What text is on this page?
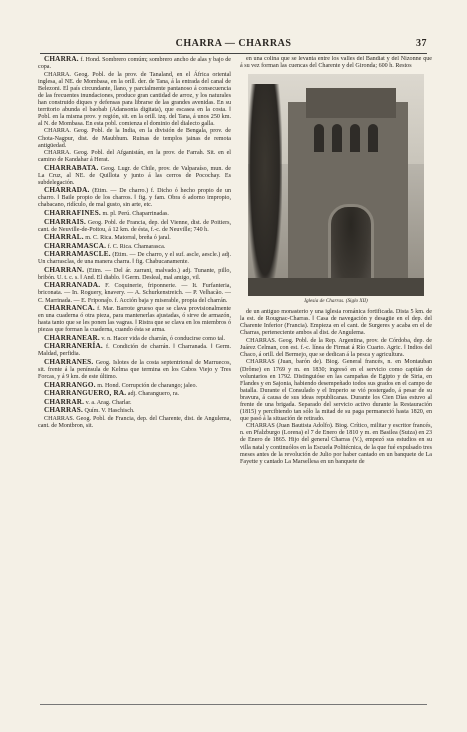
CHARRA — CHARRAS	37

CHARRA. f. Hond. Sombrero comúm; sombrero ancho de alas y bajo de copa.

CHARRA. Geog. Pobl. de la prov. de Tanaland, en el África oriental inglesa, al NE. de Mombasa, en la orill. der. de Tana, á la entrada del canal de Belezoni. El país circundante, llano, y parcialmente pantanoso á consecuencia de las frecuentes inundaciones, produce gran cantidad de arroz, y los naturales han construido diques y defensas para librarse de las grandes avenidas. En su territorio abunda el baobab (Adansonia digitata), que escasea en la costa. ‖ Pobl. en la misma prov. y región, sit. en la orill. izq. del Tana, á unos 250 km. al N. de Mombasa. En esta pobl. comienza el dominio del dialecto galla.

CHARRA. Geog. Pobl. de la India, en la división de Bengala, prov. de Chota-Nagpur, dist. de Maubhum. Ruinas de templos jainas de remota antigüedad.

CHARRA. Geog. Pobl. del Afganistán, en la prov. de Farrah. Sit. en el camino de Kandahar á Herat.

CHARRABATA. Geog. Lugr. de Chile, prov. de Valparaíso, mun. de La Cruz, al NE. de Quillota y junto á las cerros de Pocochay. Es subdelegación.

CHARRADA. (Etim. — De charro.) f. Dicho ó hecho propio de un charro. ‖ Baile propio de los charros. ‖ fig. y fam. Obra ó adorno impropio, chabacano, ridículo, de mal gusto, sin arte, etc.

CHARRAFINES. m. pl. Perú. Chaparrinadas.

CHARRAIS. Geog. Pobl. de Francia, dep. del Vienne, dist. de Poitiers, cant. de Neuville-de-Poitou, á 12 km. de ésta, f.-c. de Neuville; 740 h.

CHARRAL. m. C. Rica. Matorral, breña ó jaral.

CHARRAMASCA. f. C. Rica. Chamarasca.

CHARRAMASCLE. (Etim. — De charro, y el suf. ascle, aescle.) adj. Un charrasclas, de una manera charra. ‖ fig. Chabucanamente.

CHARRAN. (Etim. — Del ár. zarrani, malvado.) adj. Tunante, pillo, bribón. U. t. c. s. ‖ And. El diablo. ‖ Germ. Desleal, mal amigo, vil.

CHARRANADA. F. Coquinerie, friponnerie. — It. Furfanteria, briconata. — In. Roguery, knavery. — A. Schurkenstreich. — P. Velhacão. — C. Marrinada. — E. Friponaĵo. f. Acción baja y miserable, propia del charrán.

CHARRANCA. f. Mar. Barrote grueso que se clava provisionalmente en una cuaderna ó otra pieza, para mantenerlas ajustadas, ó sirve de armazón, hasta tanto que se les ponen las vagras. ‖ Ristra que se clava en los miembros ó piezas que forman la cuaderna, cuando ésta se arma.

CHARRANEAR. v. n. Hacer vida de charrán, ó conducirse como tal.

CHARRANERÍA. f. Condición de charrán. ‖ Charranada. ‖ Germ. Maldad, perfidia.

CHARRANES. Geog. Islotes de la costa septentrional de Marruecos, sit. frente á la península de Kelma que termina en los Cabos Viejo y Tres Forcas, y á 9 km. de este último.

CHARRANGO. m. Hond. Corrupción de charango; jaleo.

CHARRANGUERO, RA. adj. Charanguero, ra.

CHARRAR. v. a. Arag. Charlar.

CHARRAS. Quím. V. Haschisch.

CHARRAS. Geog. Pobl. de Francia, dep. del Charente, dist. de Angulema, cant. de Montbron, sit.

en una colina que se levanta entre los valles del Bandiat y del Nizonne que á su vez forman las cuencas del Charente y del Gironda; 600 h. Restos

Iglesia de Charras. (Siglo XII)

de un antiguo monasterio y una iglesia románica fortificada. Dista 5 km. de la est. de Rougnac-Charras. ‖ Casa de navegación y desagüe en el dep. del Charente Inferior (Francia). Empieza en el cant. de Surgeres y acaba en el de Charras, perteneciente ambos al dist. de Angulema.

CHARRAS. Geog. Pobl. de la Rep. Argentina, prov. de Córdoba, dep. de Juárez Celman, con est. f.-c. línea de Firmat á Río Cuarto. Agric. ‖ Indios del Chaco, á orill. del Bermejo, que se dedican á la pesca y agricultura.

CHARRAS (Juan, barón de). Biog. General francés, n. en Montauban (Drôme) en 1769 y m. en 1830; ingresó en el servicio como capitán de voluntarios en 1792. Distinguióse en las campañas de Egipto y de Siria, en Flandes y en Sajonia, habiendo desempeñado todos sus grados en el campo de batalla. Durante el Consulado y el Imperio se vió postergado, á pesar de su bravura, á causa de sus ideas republicanas. Durante los Cien Días estuvo al frente de una brigada. Separado del servicio activo durante la Restauración (1815) y percibiendo tan sólo la mitad de su paga permaneció hasta 1820, en que pasó á la situación de retirado.

CHARRAS (Juan Bautista Adolfo). Biog. Crítico, militar y escritor francés, n. en Pfalzburgo (Lorena) el 7 de Enero de 1810 y m. en Basilea (Suiza) en 23 de Enero de 1865. Hijo del general Charras (V.), empezó sus estudios en su villa natal y continuólos en la Escuela Politécnica, de la que fué expulsado tres meses antes de la revolución de Julio por haber cantado en un banquete de La Fayette y cantado La Marsellesa en un banquete de
